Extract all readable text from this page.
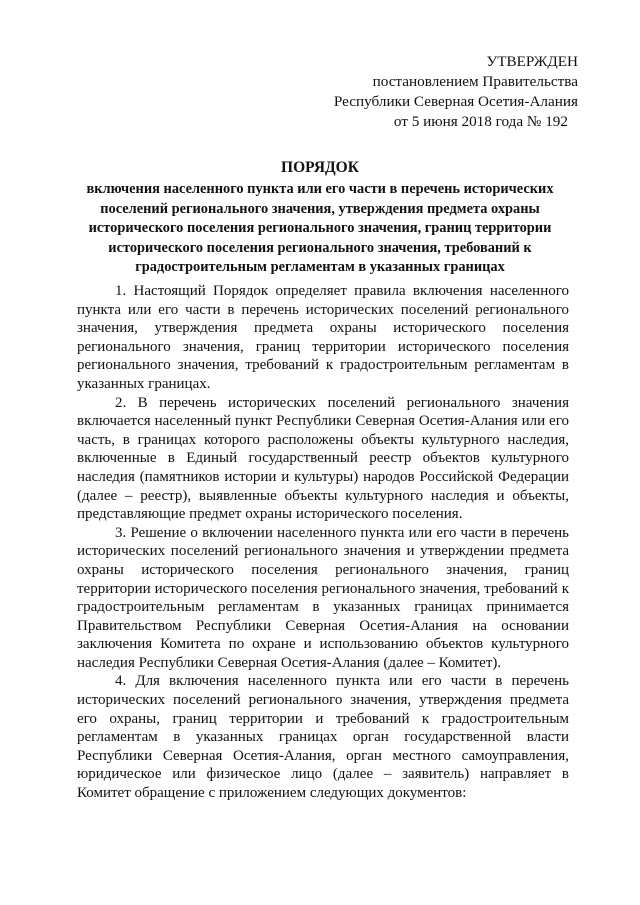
УТВЕРЖДЕН
постановлением Правительства
Республики Северная Осетия-Алания
от 5 июня 2018 года № 192
ПОРЯДОК
включения населенного пункта или его части в перечень исторических поселений регионального значения, утверждения предмета охраны исторического поселения регионального значения, границ территории исторического поселения регионального значения, требований к градостроительным регламентам в указанных границах

1. Настоящий Порядок определяет правила включения населенного пункта или его части в перечень исторических поселений регионального значения, утверждения предмета охраны исторического поселения регионального значения, границ территории исторического поселения регионального значения, требований к градостроительным регламентам в указанных границах.

2. В перечень исторических поселений регионального значения включается населенный пункт Республики Северная Осетия-Алания или его часть, в границах которого расположены объекты культурного наследия, включенные в Единый государственный реестр объектов культурного наследия (памятников истории и культуры) народов Российской Федерации (далее – реестр), выявленные объекты культурного наследия и объекты, представляющие предмет охраны исторического поселения.

3. Решение о включении населенного пункта или его части в перечень исторических поселений регионального значения и утверждении предмета охраны исторического поселения регионального значения, границ территории исторического поселения регионального значения, требований к градостроительным регламентам в указанных границах принимается Правительством Республики Северная Осетия-Алания на основании заключения Комитета по охране и использованию объектов культурного наследия Республики Северная Осетия-Алания (далее – Комитет).

4. Для включения населенного пункта или его части в перечень исторических поселений регионального значения, утверждения предмета его охраны, границ территории и требований к градостроительным регламентам в указанных границах орган государственной власти Республики Северная Осетия-Алания, орган местного самоуправления, юридическое или физическое лицо (далее – заявитель) направляет в Комитет обращение с приложением следующих документов:
